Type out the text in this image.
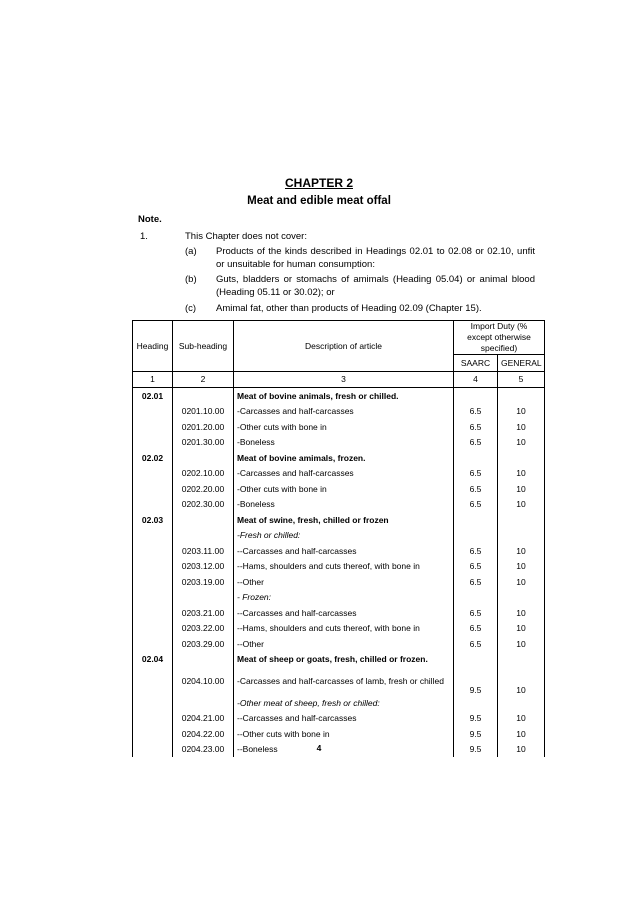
CHAPTER 2
Meat and edible meat offal
Note.
1.	This Chapter does not cover:
(a) Products of the kinds described in Headings 02.01 to 02.08 or 02.10, unfit or unsuitable for human consumption:
(b) Guts, bladders or stomachs of amimals (Heading 05.04) or animal blood (Heading 05.11 or 30.02); or
(c) Amimal fat, other than products of Heading 02.09 (Chapter 15).
Heading	Sub-heading	Description of article	Import Duty (% except otherwise specified)	
			SAARC	GENERAL
1	2	3	4	5
02.01		Meat of bovine animals, fresh or chilled.		
	0201.10.00	-Carcasses and half-carcasses	6.5	10
	0201.20.00	-Other cuts with bone in	6.5	10
	0201.30.00	-Boneless	6.5	10
02.02		Meat of bovine amimals, frozen.		
	0202.10.00	-Carcasses and half-carcasses	6.5	10
	0202.20.00	-Other cuts with bone in	6.5	10
	0202.30.00	-Boneless	6.5	10
02.03		Meat of swine, fresh, chilled or frozen		
		-Fresh or chilled:		
	0203.11.00	--Carcasses and half-carcasses	6.5	10
	0203.12.00	--Hams, shoulders and cuts thereof, with bone in	6.5	10
	0203.19.00	--Other	6.5	10
		- Frozen:		
	0203.21.00	--Carcasses and half-carcasses	6.5	10
	0203.22.00	--Hams, shoulders and cuts thereof, with bone in	6.5	10
	0203.29.00	--Other	6.5	10
02.04		Meat of sheep or goats, fresh, chilled or frozen.		
	0204.10.00	-Carcasses and half-carcasses of lamb, fresh or chilled	9.5	10
		-Other meat of sheep, fresh or chilled:		
	0204.21.00	--Carcasses and half-carcasses	9.5	10
	0204.22.00	--Other cuts with bone in	9.5	10
	0204.23.00	--Boneless	9.5	10
4
